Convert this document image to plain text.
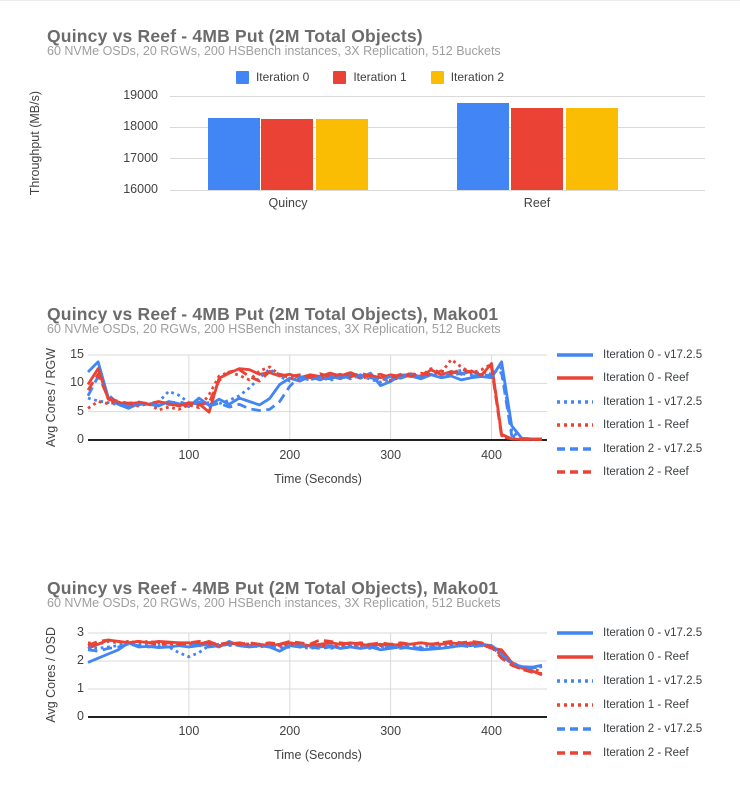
Quincy vs Reef - 4MB Put (2M Total Objects)

60 NVMe OSDs, 20 RGWs, 200 HSBench instances, 3X Replication, 512 Buckets

Iteration 0	Iteration 1	Iteration 2
Throughput (MB/s)	16000
17000
18000
19000
Quincy	Reef
Quincy vs Reef - 4MB Put (2M Total Objects), Mako01

60 NVMe OSDs, 20 RGWs, 200 HSBench instances, 3X Replication, 512 Buckets

Avg Cores / RGW	0
5
10
15
100	200	300	400
Time (Seconds)
Iteration 0 - v17.2.5
Iteration 0 - Reef
Iteration 1 - v17.2.5
Iteration 1 - Reef
Iteration 2 - v17.2.5
Iteration 2 - Reef
Quincy vs Reef - 4MB Put (2M Total Objects), Mako01

60 NVMe OSDs, 20 RGWs, 200 HSBench instances, 3X Replication, 512 Buckets

Avg Cores / OSD	0
1
2
3
100	200	300	400
Time (Seconds)
Iteration 0 - v17.2.5
Iteration 0 - Reef
Iteration 1 - v17.2.5
Iteration 1 - Reef
Iteration 2 - v17.2.5
Iteration 2 - Reef
